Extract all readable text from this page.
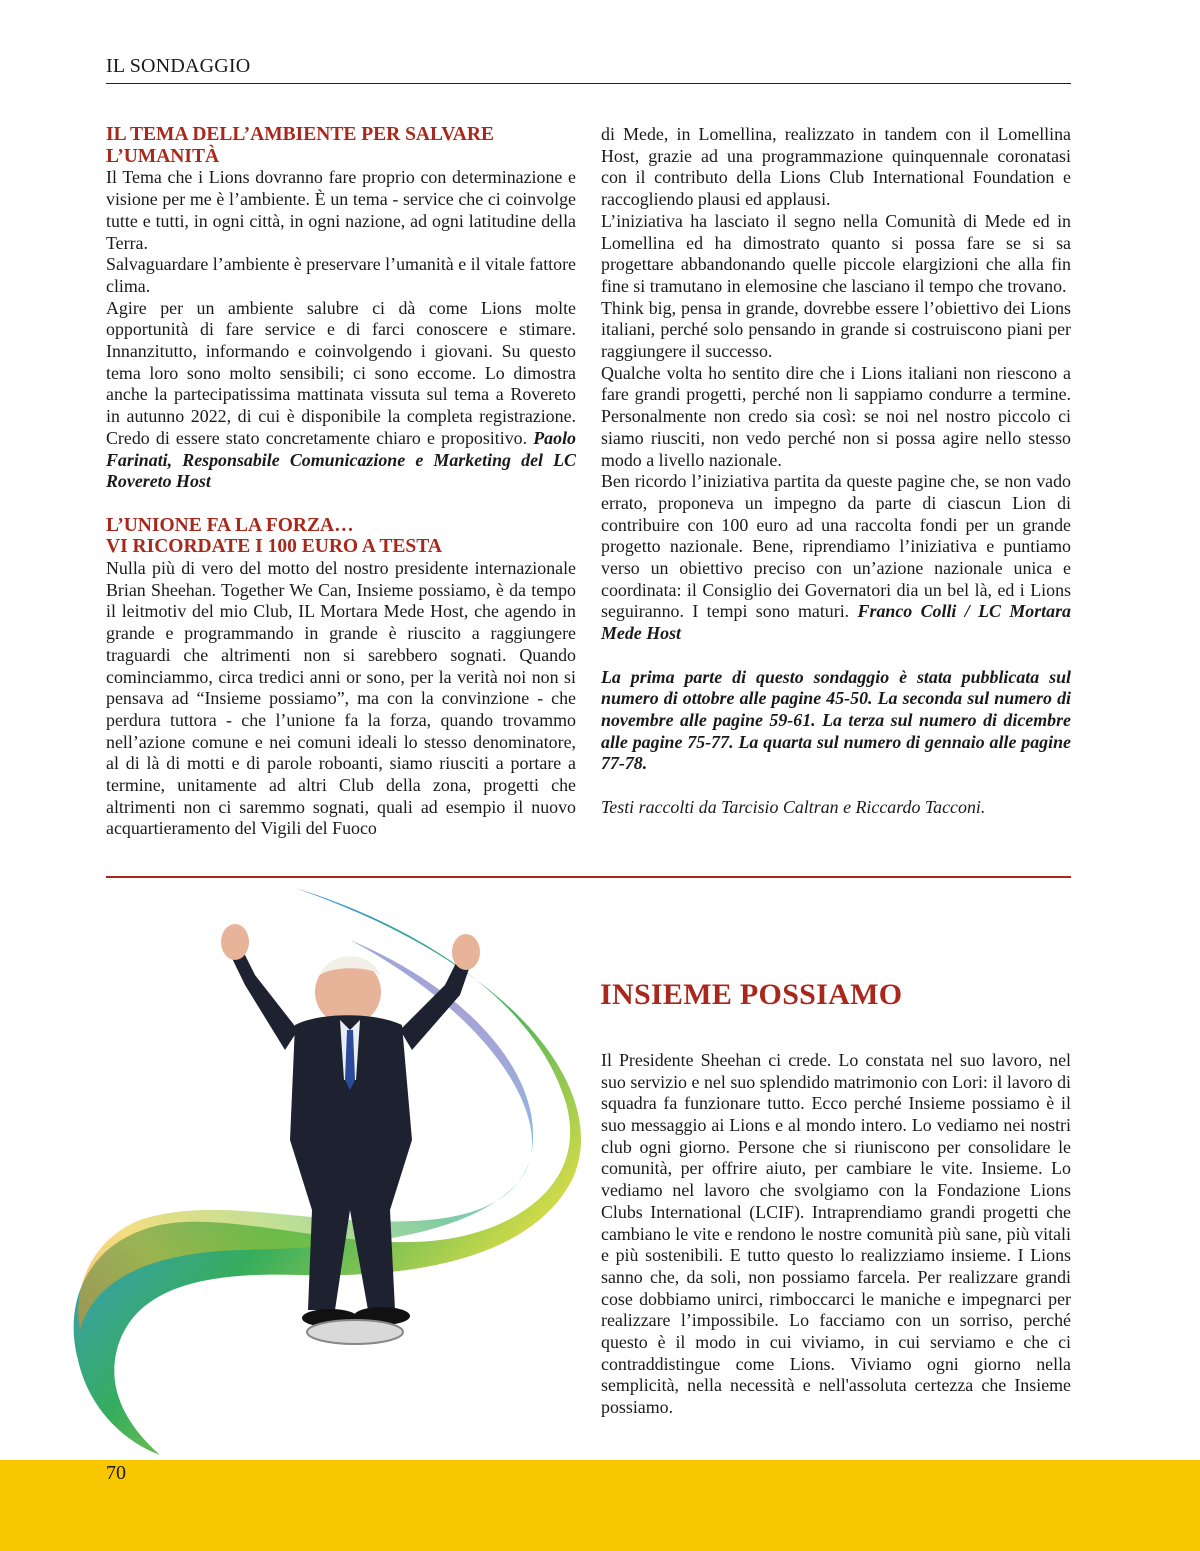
IL SONDAGGIO
IL TEMA DELL’AMBIENTE PER SALVARE
L’UMANITÀ

Il Tema che i Lions dovranno fare proprio con determinazione e visione per me è l’ambiente. È un tema - service che ci coinvolge tutte e tutti, in ogni città, in ogni nazione, ad ogni latitudine della Terra.

Salvaguardare l’ambiente è preservare l’umanità e il vitale fattore clima.

Agire per un ambiente salubre ci dà come Lions molte opportunità di fare service e di farci conoscere e stimare. Innanzitutto, informando e coinvolgendo i giovani. Su questo tema loro sono molto sensibili; ci sono eccome. Lo dimostra anche la partecipatissima mattinata vissuta sul tema a Rovereto in autunno 2022, di cui è disponibile la completa registrazione. Credo di essere stato concretamente chiaro e propositivo. Paolo Farinati, Responsabile Comunicazione e Marketing del LC Rovereto Host

L’UNIONE FA LA FORZA…
VI RICORDATE I 100 EURO A TESTA

Nulla più di vero del motto del nostro presidente internazionale Brian Sheehan. Together We Can, Insieme possiamo, è da tempo il leitmotiv del mio Club, IL Mortara Mede Host, che agendo in grande e programmando in grande è riuscito a raggiungere traguardi che altrimenti non si sarebbero sognati. Quando cominciammo, circa tredici anni or sono, per la verità noi non si pensava ad “Insieme possiamo”, ma con la convinzione - che perdura tuttora - che l’unione fa la forza, quando trovammo nell’azione comune e nei comuni ideali lo stesso denominatore, al di là di motti e di parole roboanti, siamo riusciti a portare a termine, unitamente ad altri Club della zona, progetti che altrimenti non ci saremmo sognati, quali ad esempio il nuovo acquartieramento del Vigili del Fuoco

di Mede, in Lomellina, realizzato in tandem con il Lomellina Host, grazie ad una programmazione quinquennale coronatasi con il contributo della Lions Club International Foundation e raccogliendo plausi ed applausi.

L’iniziativa ha lasciato il segno nella Comunità di Mede ed in Lomellina ed ha dimostrato quanto si possa fare se si sa progettare abbandonando quelle piccole elargizioni che alla fin fine si tramutano in elemosine che lasciano il tempo che trovano.

Think big, pensa in grande, dovrebbe essere l’obiettivo dei Lions italiani, perché solo pensando in grande si costruiscono piani per raggiungere il successo.

Qualche volta ho sentito dire che i Lions italiani non riescono a fare grandi progetti, perché non li sappiamo condurre a termine. Personalmente non credo sia così: se noi nel nostro piccolo ci siamo riusciti, non vedo perché non si possa agire nello stesso modo a livello nazionale.

Ben ricordo l’iniziativa partita da queste pagine che, se non vado errato, proponeva un impegno da parte di ciascun Lion di contribuire con 100 euro ad una raccolta fondi per un grande progetto nazionale. Bene, riprendiamo l’iniziativa e puntiamo verso un obiettivo preciso con un’azione nazionale unica e coordinata: il Consiglio dei Governatori dia un bel là, ed i Lions seguiranno. I tempi sono maturi. Franco Colli / LC Mortara Mede Host

La prima parte di questo sondaggio è stata pubblicata sul numero di ottobre alle pagine 45-50. La seconda sul numero di novembre alle pagine 59-61. La terza sul numero di dicembre alle pagine 75-77. La quarta sul numero di gennaio alle pagine 77-78.

Testi raccolti da Tarcisio Caltran e Riccardo Tacconi.

INSIEME POSSIAMO

Il Presidente Sheehan ci crede. Lo constata nel suo lavoro, nel suo servizio e nel suo splendido matrimonio con Lori: il lavoro di squadra fa funzionare tutto. Ecco perché Insieme possiamo è il suo messaggio ai Lions e al mondo intero. Lo vediamo nei nostri club ogni giorno. Persone che si riuniscono per consolidare le comunità, per offrire aiuto, per cambiare le vite. Insieme. Lo vediamo nel lavoro che svolgiamo con la Fondazione Lions Clubs International (LCIF). Intraprendiamo grandi progetti che cambiano le vite e rendono le nostre comunità più sane, più vitali e più sostenibili. E tutto questo lo realizziamo insieme. I Lions sanno che, da soli, non possiamo farcela. Per realizzare grandi cose dobbiamo unirci, rimboccarci le maniche e impegnarci per realizzare l’impossibile. Lo facciamo con un sorriso, perché questo è il modo in cui viviamo, in cui serviamo e che ci contraddistingue come Lions. Viviamo ogni giorno nella semplicità, nella necessità e nell'assoluta certezza che Insieme possiamo.

70
